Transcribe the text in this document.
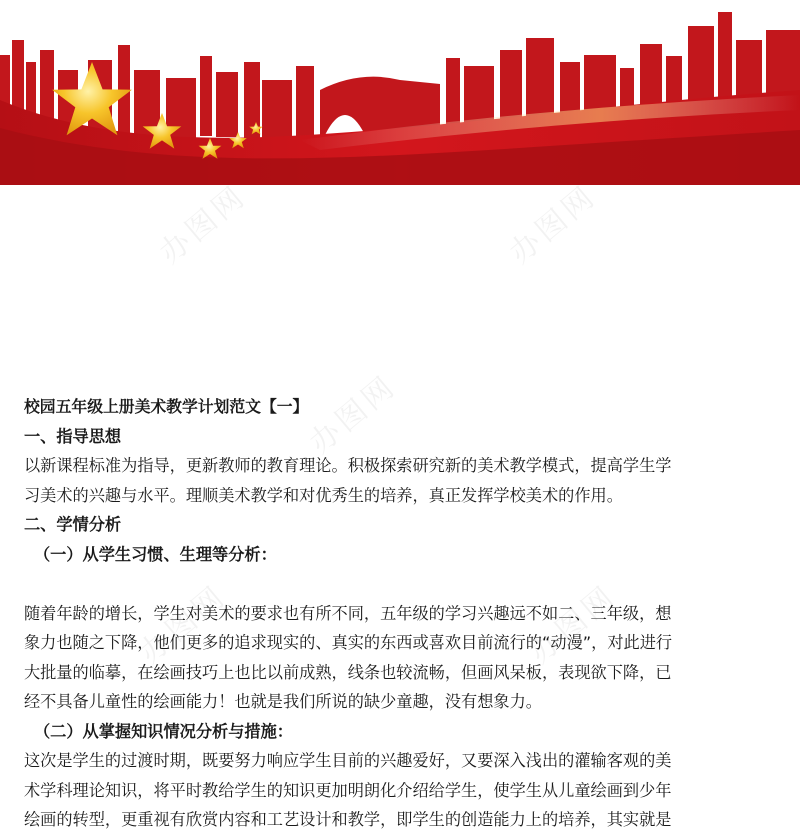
办图网	办图网
办图网
办图网	办图网
校园五年级上册美术教学计划范文【一】
一、指导思想
以新课程标准为指导，更新教师的教育理论。积极探索研究新的美术教学模式，提高学生学
习美术的兴趣与水平。理顺美术教学和对优秀生的培养，真正发挥学校美术的作用。
二、学情分析
（一）从学生习惯、生理等分析：
随着年龄的增长，学生对美术的要求也有所不同，五年级的学习兴趣远不如二、三年级，想
象力也随之下降，他们更多的追求现实的、真实的东西或喜欢目前流行的“动漫”，对此进行
大批量的临摹，在绘画技巧上也比以前成熟，线条也较流畅，但画风呆板，表现欲下降，已
经不具备儿童性的绘画能力！也就是我们所说的缺少童趣，没有想象力。
（二）从掌握知识情况分析与措施：
这次是学生的过渡时期，既要努力响应学生目前的兴趣爱好，又要深入浅出的灌输客观的美
术学科理论知识，将平时教给学生的知识更加明朗化介绍给学生，使学生从儿童绘画到少年
绘画的转型，更重视有欣赏内容和工艺设计和教学，即学生的创造能力上的培养，其实就是
